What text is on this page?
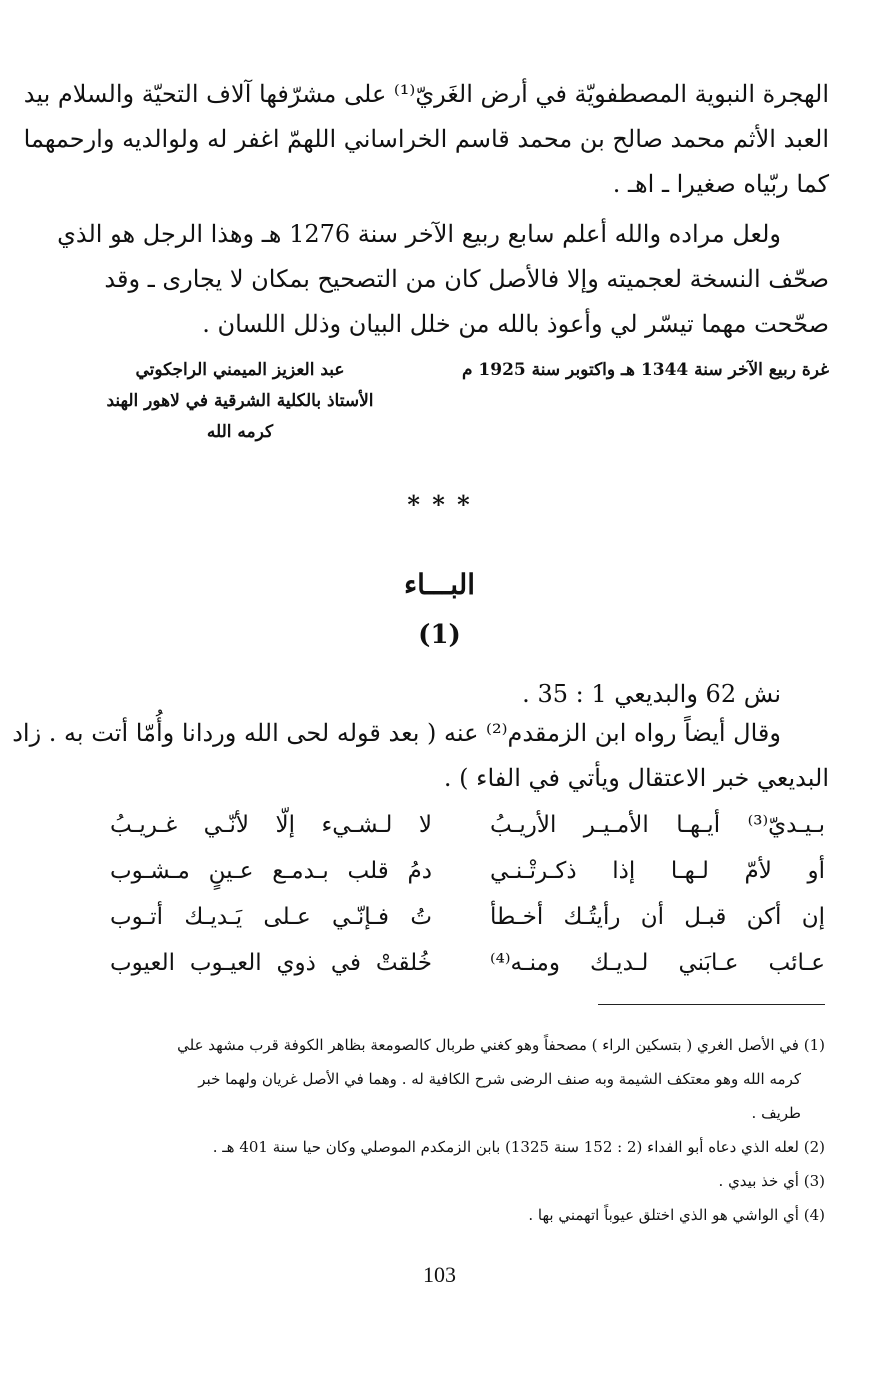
الهجرة النبوية المصطفويّة في أرض الغَريّ⁽¹⁾ على مشرّفها آلاف التحيّة والسلام بيد
العبد الأثم محمد صالح بن محمد قاسم الخراساني اللهمّ اغفر له ولوالديه وارحمهما
كما ربّياه صغيرا ـ اهـ .
ولعل مراده والله أعلم سابع ربيع الآخر سنة 1276 هـ وهذا الرجل هو الذي
صحّف النسخة لعجميته وإلا فالأصل كان من التصحيح بمكان لا يجارى ـ وقد
صحّحت مهما تيسّر لي وأعوذ بالله من خلل البيان وذلل اللسان .
غرة ربيع الآخر سنة 1344 هـ واكتوبر سنة 1925 م
عبد العزيز الميمني الراجكوتي
الأستاذ بالكلية الشرقية في لاهور الهند
كرمه الله
* * *
البـــاء
(1)
نش 62 والبديعي 1 : 35 .
وقال أيضاً رواه ابن الزمقدم⁽²⁾ عنه ( بعد قوله لحى الله وردانا وأُمّا أتت به . زاد
البديعي خبر الاعتقال ويأتي في الفاء ) .
بـيـديّ⁽³⁾ أيـهـا الأمـيـر الأريـبُ
أو لأمّ لـهـا إذا ذكـرتْـنـي
إن أكن قبـل أن رأيتُـك أخـطأ
عـائب عـابَني لـديـك ومنـه⁽⁴⁾
لا لـشـيء إلّا لأنّـي غـريـبُ
دمُ قلب بـدمـع عـينٍ مـشـوب
تُ فـإنّـي عـلى يَـديـك أتـوب
خُلقتْ في ذوي العيـوب العيوب
(1) في الأصل الغري ( بتسكين الراء ) مصحفاً وهو كغني طربال كالصومعة بظاهر الكوفة قرب مشهد علي
كرمه الله وهو معتكف الشيمة وبه صنف الرضى شرح الكافية له . وهما في الأصل غريان ولهما خبر
طريف .
(2) لعله الذي دعاه أبو الفداء (2 : 152 سنة 1325) بابن الزمكدم الموصلي وكان حيا سنة 401 هـ .
(3) أي خذ بيدي .
(4) أي الواشي هو الذي اختلق عيوباً اتهمني بها .
103
